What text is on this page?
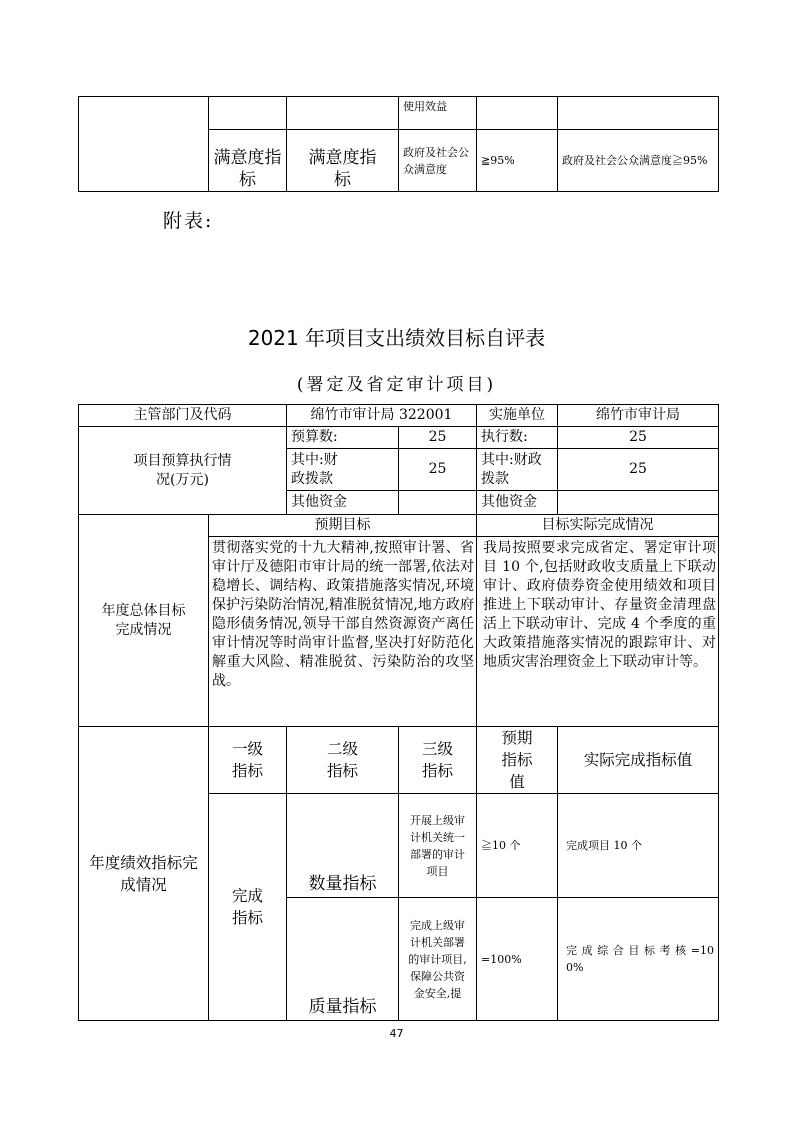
			使用效益		
	满意度指标	满意度指标	政府及社会公众满意度	≧95%	政府及社会公众满意度≧95%
附表:
2021 年项目支出绩效目标自评表
(署定及省定审计项目)
主管部门及代码		绵竹市审计局 322001		实施单位	绵竹市审计局
项目预算执行情况(万元)		预算数:	25	执行数:	25
		其中:财政拨款	25	其中:财政拨款	25
		其他资金		其他资金	
年度总体目标完成情况	预期目标			目标实际完成情况	
	贯彻落实党的十九大精神,按照审计署、省审计厅及德阳市审计局的统一部署,依法对稳增长、调结构、政策措施落实情况,环境保护污染防治情况,精准脱贫情况,地方政府隐形债务情况,领导干部自然资源资产离任审计情况等时尚审计监督,坚决打好防范化解重大风险、精准脱贫、污染防治的攻坚战。			我局按照要求完成省定、署定审计项目 10 个,包括财政收支质量上下联动审计、政府债券资金使用绩效和项目推进上下联动审计、存量资金清理盘活上下联动审计、完成 4 个季度的重大政策措施落实情况的跟踪审计、对地质灾害治理资金上下联动审计等。	
年度绩效指标完成情况	一级指标	二级指标	三级指标	预期指标值	实际完成指标值
	完成指标	数量指标	开展上级审计机关统一部署的审计项目	≧10 个	完成项目 10 个
		质量指标	完成上级审计机关部署的审计项目,保障公共资金安全,提	=100%	完 成 综 合 目 标 考 核 =100%
47
